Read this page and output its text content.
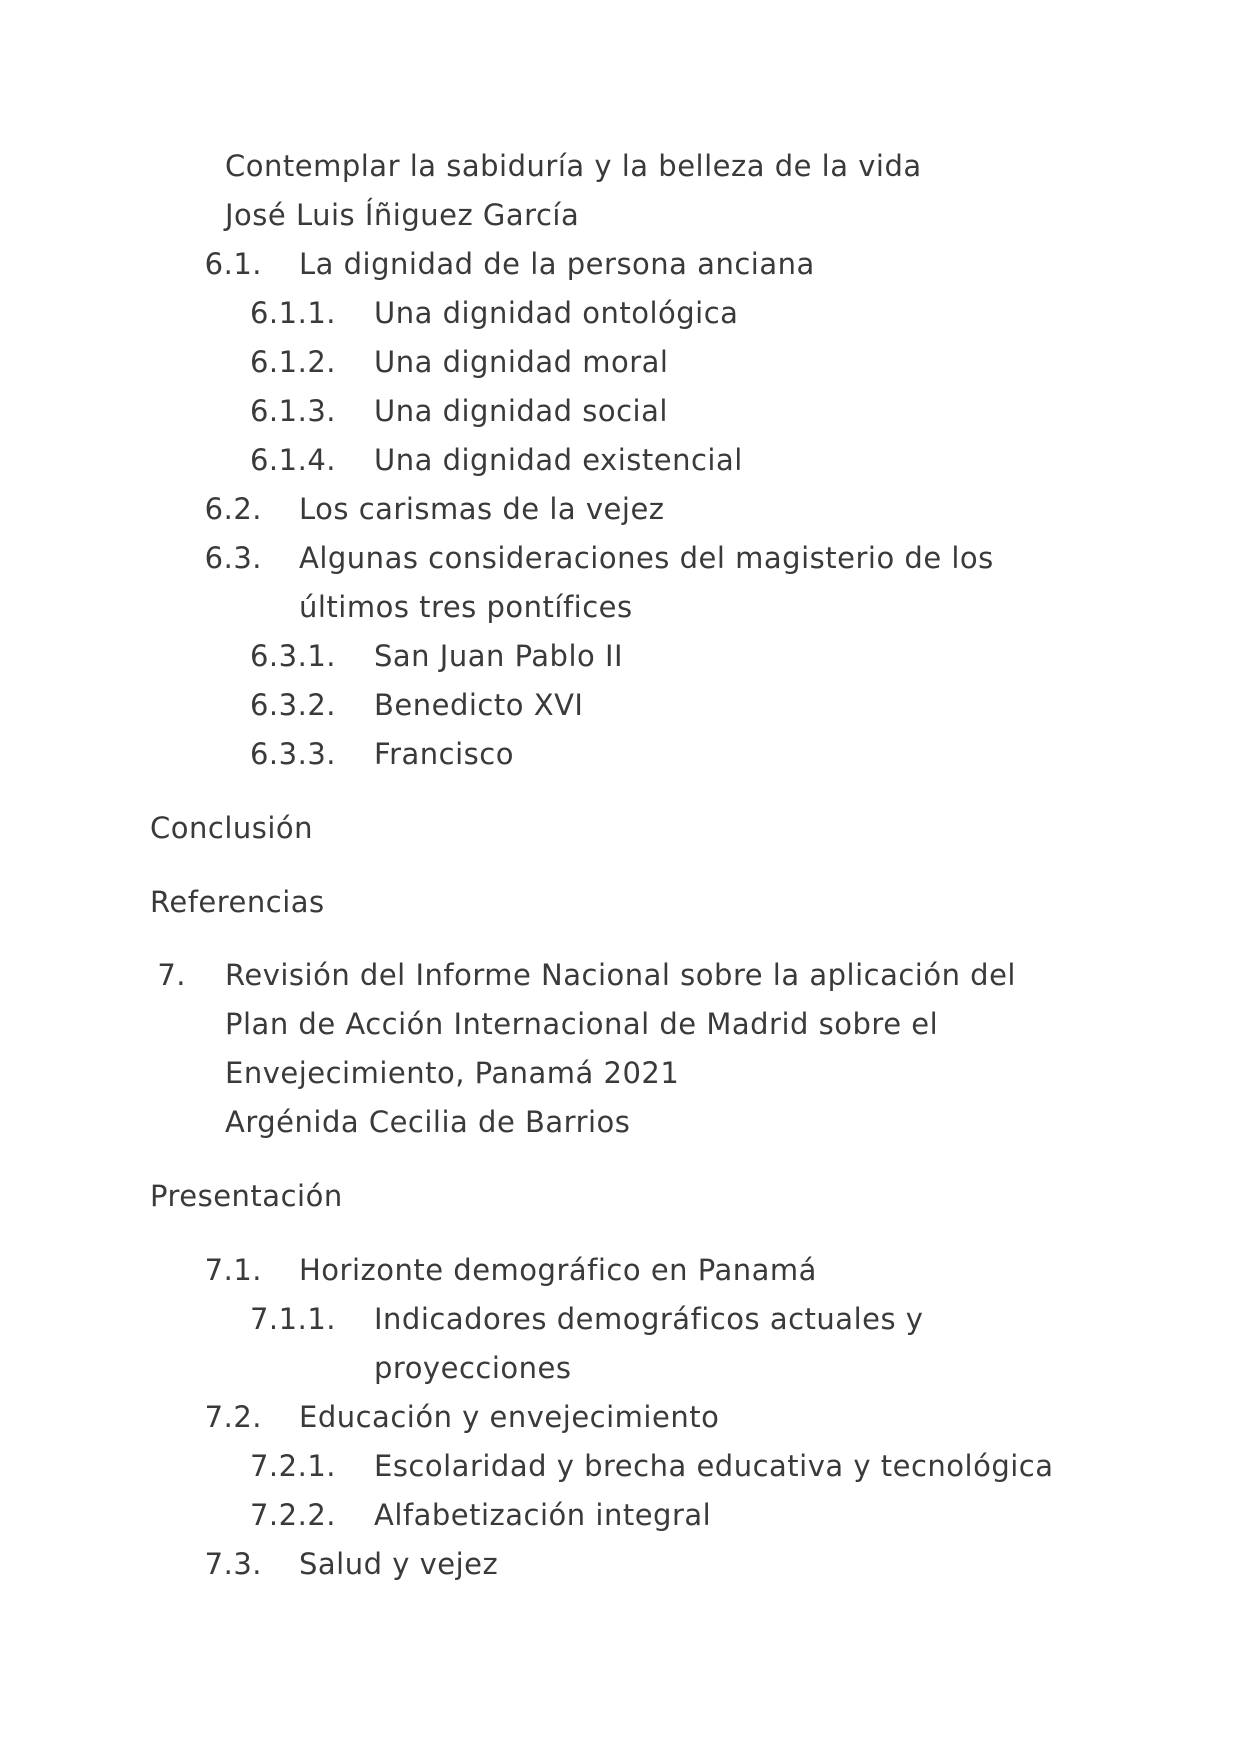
Contemplar la sabiduría y la belleza de la vida
José Luis Íñiguez García
6.1. La dignidad de la persona anciana
6.1.1. Una dignidad ontológica
6.1.2. Una dignidad moral
6.1.3. Una dignidad social
6.1.4. Una dignidad existencial
6.2. Los carismas de la vejez
6.3. Algunas consideraciones del magisterio de los
últimos tres pontífices
6.3.1. San Juan Pablo II
6.3.2. Benedicto XVI
6.3.3. Francisco
Conclusión
Referencias
7. Revisión del Informe Nacional sobre la aplicación del
Plan de Acción Internacional de Madrid sobre el
Envejecimiento, Panamá 2021
Argénida Cecilia de Barrios
Presentación
7.1. Horizonte demográfico en Panamá
7.1.1. Indicadores demográficos actuales y
proyecciones
7.2. Educación y envejecimiento
7.2.1. Escolaridad y brecha educativa y tecnológica
7.2.2. Alfabetización integral
7.3. Salud y vejez
